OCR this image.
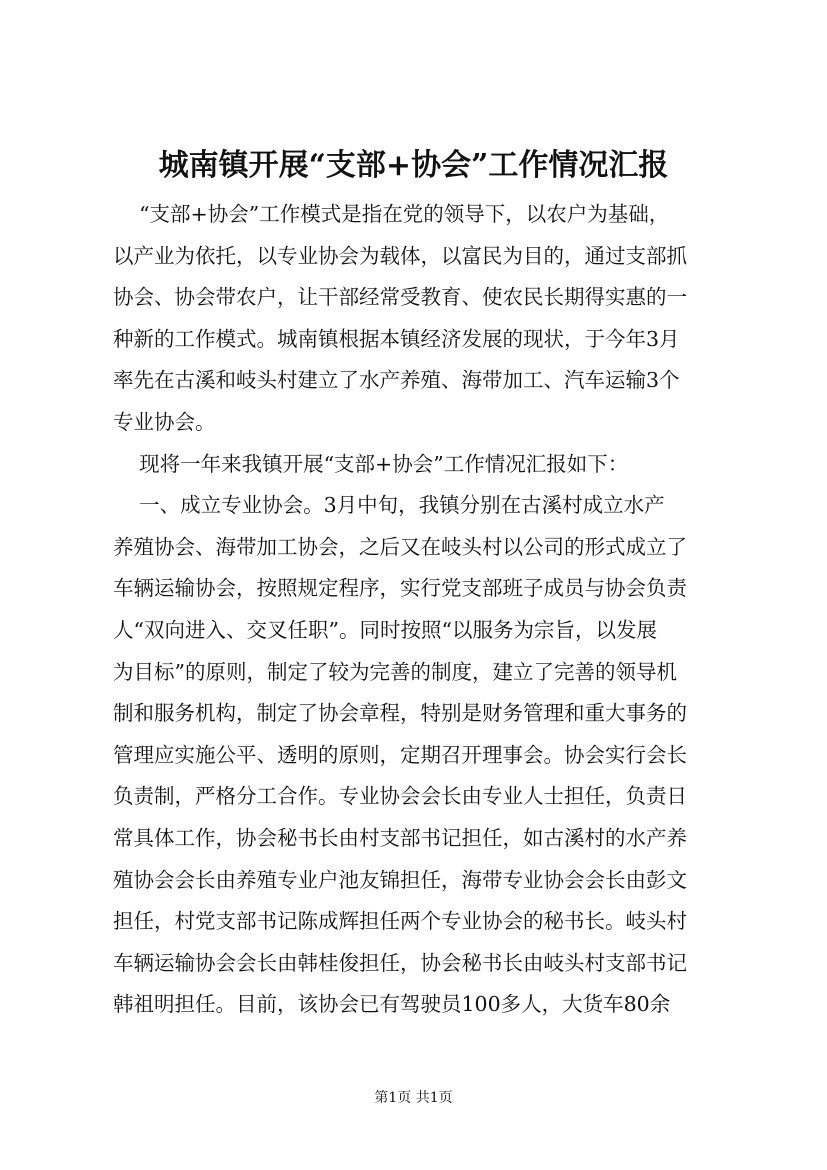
城南镇开展“支部+协会”工作情况汇报
“支部+协会”工作模式是指在党的领导下，以农户为基础，
以产业为依托，以专业协会为载体，以富民为目的，通过支部抓
协会、协会带农户，让干部经常受教育、使农民长期得实惠的一
种新的工作模式。城南镇根据本镇经济发展的现状，于今年3月
率先在古溪和岐头村建立了水产养殖、海带加工、汽车运输3个
专业协会。
现将一年来我镇开展“支部+协会”工作情况汇报如下：
一、成立专业协会。3月中旬，我镇分别在古溪村成立水产
养殖协会、海带加工协会，之后又在岐头村以公司的形式成立了
车辆运输协会，按照规定程序，实行党支部班子成员与协会负责
人“双向进入、交叉任职”。同时按照“以服务为宗旨，以发展
为目标”的原则，制定了较为完善的制度，建立了完善的领导机
制和服务机构，制定了协会章程，特别是财务管理和重大事务的
管理应实施公平、透明的原则，定期召开理事会。协会实行会长
负责制，严格分工合作。专业协会会长由专业人士担任，负责日
常具体工作，协会秘书长由村支部书记担任，如古溪村的水产养
殖协会会长由养殖专业户池友锦担任，海带专业协会会长由彭文
担任，村党支部书记陈成辉担任两个专业协会的秘书长。岐头村
车辆运输协会会长由韩桂俊担任，协会秘书长由岐头村支部书记
韩祖明担任。目前，该协会已有驾驶员100多人，大货车80余
第1页 共1页
